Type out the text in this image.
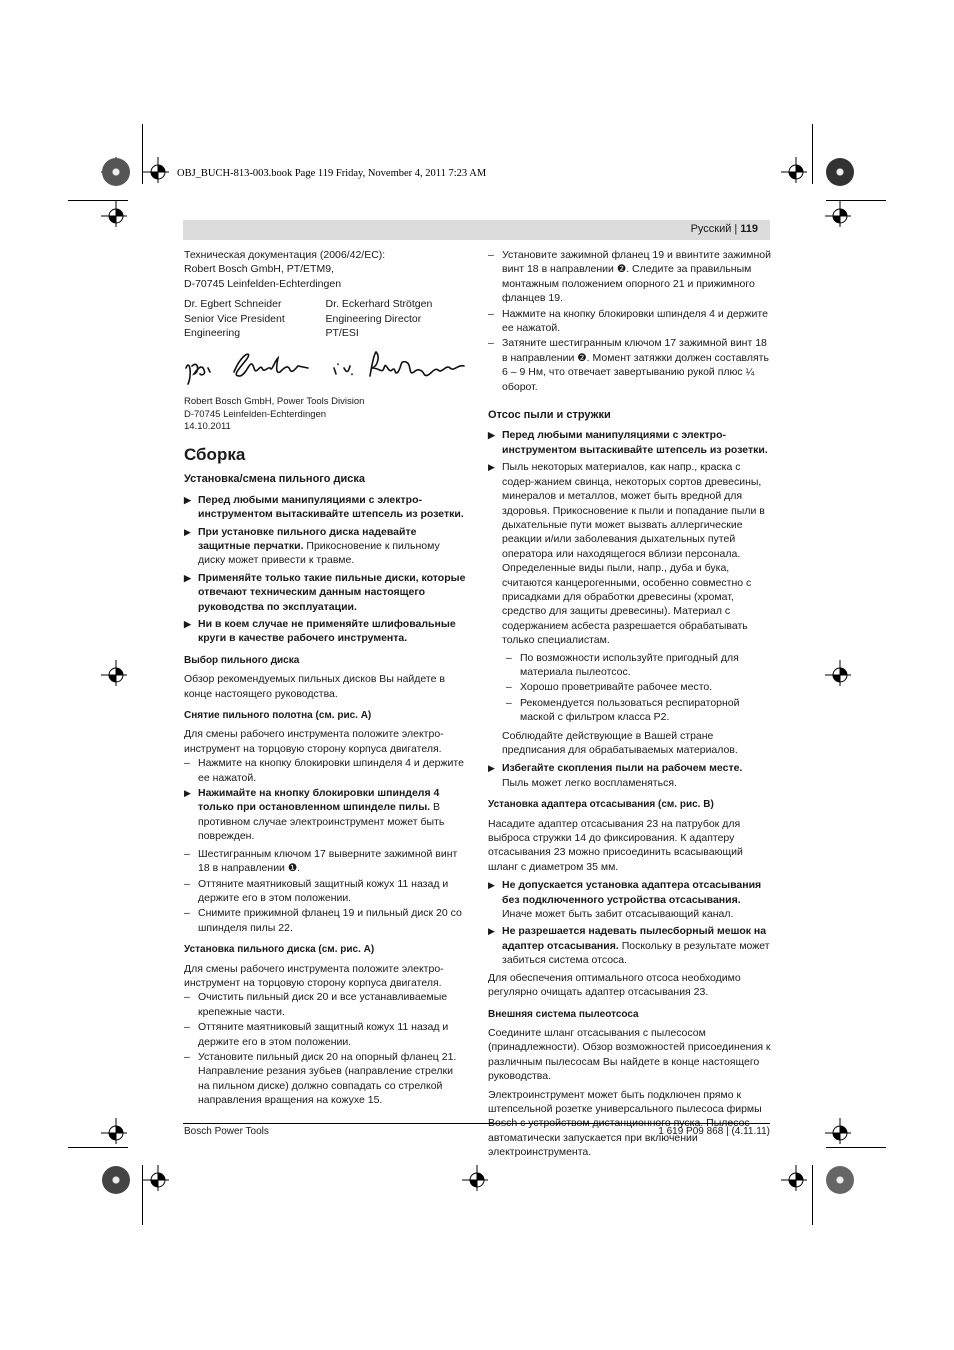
OBJ_BUCH-813-003.book Page 119 Friday, November 4, 2011 7:23 AM
Русский | 119

Техническая документация (2006/42/EC):

Robert Bosch GmbH, PT/ETM9,

D-70745 Leinfelden-Echterdingen

Dr. Egbert Schneider

Senior Vice President

Engineering

Dr. Eckerhard Strötgen

Engineering Director

PT/ESI

Robert Bosch GmbH, Power Tools Division

D-70745 Leinfelden-Echterdingen

14.10.2011

Сборка
Установка/смена пильного диска
▶ Перед любыми манипуляциями с электро-инструментом вытаскивайте штепсель из розетки.
▶ При установке пильного диска надевайте защитные перчатки. Прикосновение к пильному диску может привести к травме.
▶ Применяйте только такие пильные диски, которые отвечают техническим данным настоящего руководства по эксплуатации.
▶ Ни в коем случае не применяйте шлифовальные круги в качестве рабочего инструмента.
Выбор пильного диска

Обзор рекомендуемых пильных дисков Вы найдете в конце настоящего руководства.

Снятие пильного полотна (см. рис. A)

Для смены рабочего инструмента положите электро-инструмент на торцовую сторону корпуса двигателя.

– Нажмите на кнопку блокировки шпинделя 4 и держите ее нажатой.
▶ Нажимайте на кнопку блокировки шпинделя 4 только при остановленном шпинделе пилы. В противном случае электроинструмент может быть поврежден.
– Шестигранным ключом 17 выверните зажимной винт 18 в направлении ❶.
– Оттяните маятниковый защитный кожух 11 назад и держите его в этом положении.
– Снимите прижимной фланец 19 и пильный диск 20 со шпинделя пилы 22.
Установка пильного диска (см. рис. A)

Для смены рабочего инструмента положите электро-инструмент на торцовую сторону корпуса двигателя.

– Очистить пильный диск 20 и все устанавливаемые крепежные части.
– Оттяните маятниковый защитный кожух 11 назад и держите его в этом положении.
– Установите пильный диск 20 на опорный фланец 21. Направление резания зубьев (направление стрелки на пильном диске) должно совпадать со стрелкой направления вращения на кожухе 15.
– Установите зажимной фланец 19 и ввинтите зажимной винт 18 в направлении ❷. Следите за правильным монтажным положением опорного 21 и прижимного фланцев 19.
– Нажмите на кнопку блокировки шпинделя 4 и держите ее нажатой.
– Затяните шестигранным ключом 17 зажимной винт 18 в направлении ❷. Момент затяжки должен составлять 6 – 9 Нм, что отвечает завертыванию рукой плюс ¼ оборот.
Отсос пыли и стружки
▶ Перед любыми манипуляциями с электро-инструментом вытаскивайте штепсель из розетки.
▶ Пыль некоторых материалов, как напр., краска с содер-жанием свинца, некоторых сортов древесины, минералов и металлов, может быть вредной для здоровья. Прикосновение к пыли и попадание пыли в дыхательные пути может вызвать аллергические реакции и/или заболевания дыхательных путей оператора или находящегося вблизи персонала. Определенные виды пыли, напр., дуба и бука, считаются канцерогенными, особенно совместно с присадками для обработки древесины (хромат, средство для защиты древесины). Материал с содержанием асбеста разрешается обрабатывать только специалистам.
– По возможности используйте пригодный для материала пылеотсос.
– Хорошо проветривайте рабочее место.
– Рекомендуется пользоваться респираторной маской с фильтром класса P2.

Соблюдайте действующие в Вашей стране предписания для обрабатываемых материалов.

▶ Избегайте скопления пыли на рабочем месте. Пыль может легко воспламеняться.
Установка адаптера отсасывания (см. рис. B)

Насадите адаптер отсасывания 23 на патрубок для выброса стружки 14 до фиксирования. К адаптеру отсасывания 23 можно присоединить всасывающий шланг с диаметром 35 мм.

▶ Не допускается установка адаптера отсасывания без подключенного устройства отсасывания. Иначе может быть забит отсасывающий канал.
▶ Не разрешается надевать пылесборный мешок на адаптер отсасывания. Поскольку в результате может забиться система отсоса.

Для обеспечения оптимального отсоса необходимо регулярно очищать адаптер отсасывания 23.

Внешняя система пылеотсоса

Соедините шланг отсасывания с пылесосом (принадлежности). Обзор возможностей присоединения к различным пылесосам Вы найдете в конце настоящего руководства.

Электроинструмент может быть подключен прямо к штепсельной розетке универсального пылесоса фирмы Bosch с устройством дистанционного пуска. Пылесос автоматически запускается при включении электроинструмента.

Bosch Power Tools	1 619 P09 868 | (4.11.11)
